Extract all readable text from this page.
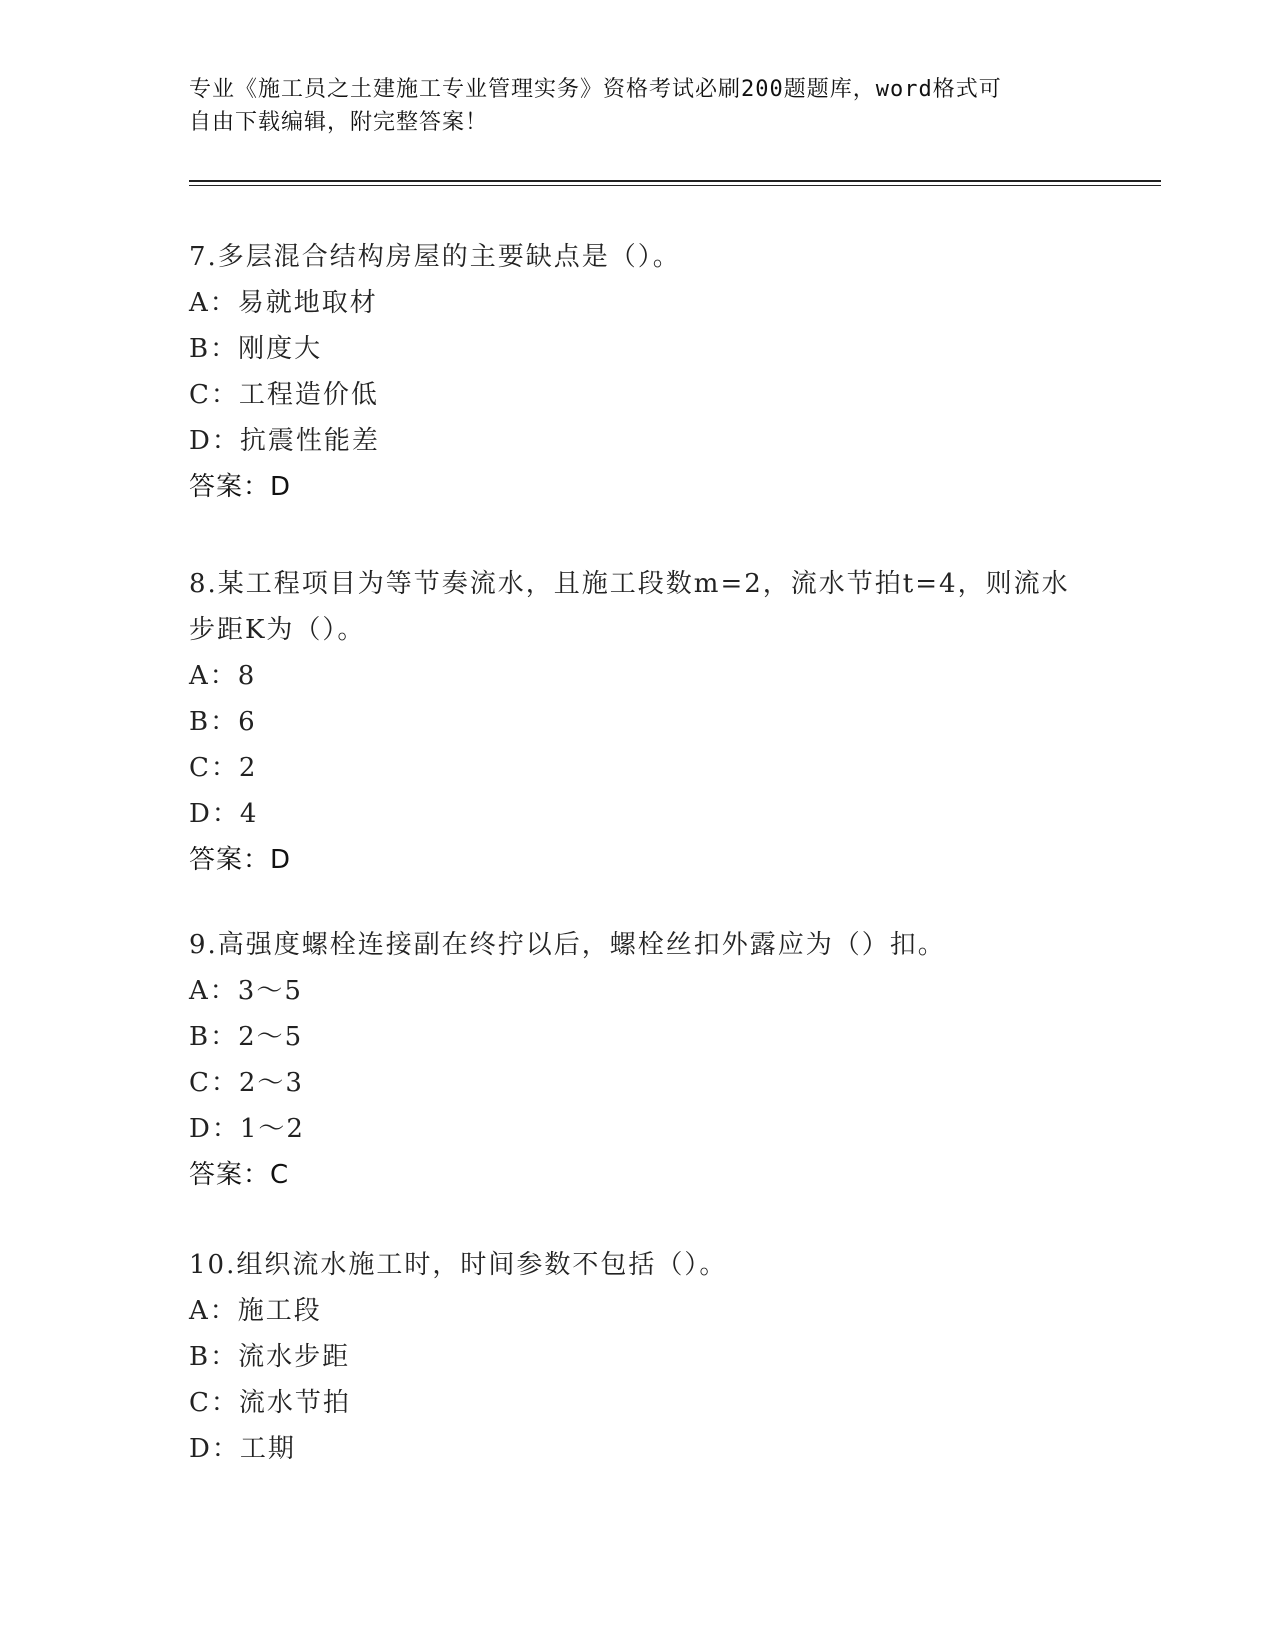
专业《施工员之土建施工专业管理实务》资格考试必刷200题题库，word格式可
自由下载编辑，附完整答案！

7.多层混合结构房屋的主要缺点是（）。

A：易就地取材

B：刚度大

C：工程造价低

D：抗震性能差

答案：D

8.某工程项目为等节奏流水，且施工段数m=2，流水节拍t=4，则流水

步距K为（）。

A：8

B：6

C：2

D：4

答案：D

9.高强度螺栓连接副在终拧以后，螺栓丝扣外露应为（）扣。

A：3～5

B：2～5

C：2～3

D：1～2

答案：C

10.组织流水施工时，时间参数不包括（）。

A：施工段

B：流水步距

C：流水节拍

D：工期
